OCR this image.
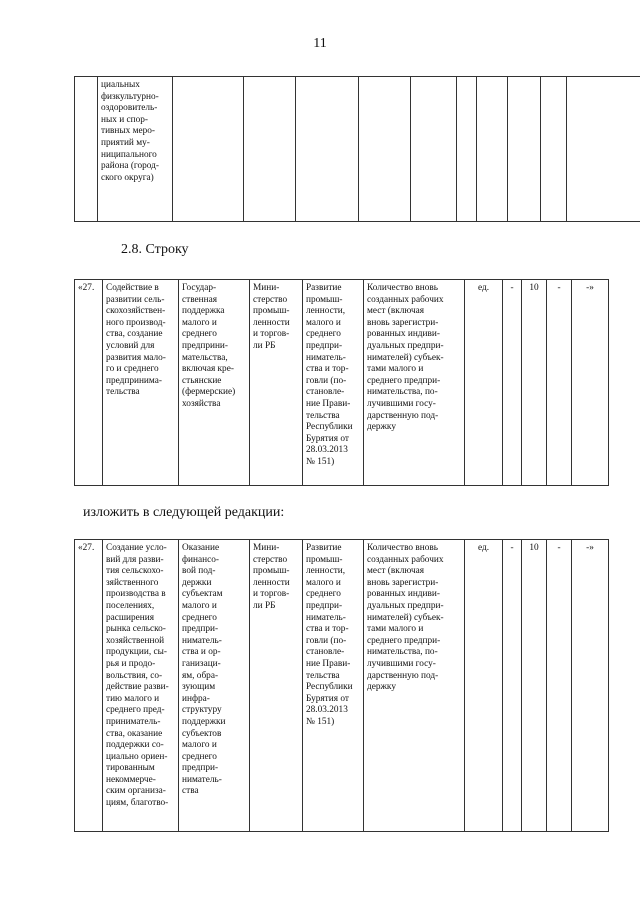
11
	циальных
физкультурно-
оздоровитель-
ных и спор-
тивных меро-
приятий му-
ниципального
района (город-
ского округа)										
2.8. Строку
«27.	Содействие в
развитии сель-
скохозяйствен-
ного производ-
ства, создание
условий для
развития мало-
го и среднего
предпринима-
тельства	Государ-
ственная
поддержка
малого и
среднего
предприни-
мательства,
включая кре-
стьянские
(фермерские)
хозяйства	Мини-
стерство
промыш-
ленности
и торгов-
ли РБ	Развитие
промыш-
ленности,
малого и
среднего
предпри-
ниматель-
ства и тор-
говли (по-
становле-
ние Прави-
тельства
Республики
Бурятия от
28.03.2013
№ 151)	Количество вновь
созданных рабочих
мест (включая
вновь зарегистри-
рованных индиви-
дуальных предпри-
нимателей) субъек-
тами малого и
среднего предпри-
нимательства, по-
лучившими госу-
дарственную под-
держку	ед.	-	10	-	-»
изложить в следующей редакции:
«27.	Создание усло-
вий для разви-
тия сельскохо-
зяйственного
производства в
поселениях,
расширения
рынка сельско-
хозяйственной
продукции, сы-
рья и продо-
вольствия, со-
действие разви-
тию малого и
среднего пред-
приниматель-
ства, оказание
поддержки со-
циально ориен-
тированным
некоммерче-
ским организа-
циям, благотво-	Оказание
финансо-
вой под-
держки
субъектам
малого и
среднего
предпри-
ниматель-
ства и ор-
ганизаци-
ям, обра-
зующим
инфра-
структуру
поддержки
субъектов
малого и
среднего
предпри-
ниматель-
ства	Мини-
стерство
промыш-
ленности
и торгов-
ли РБ	Развитие
промыш-
ленности,
малого и
среднего
предпри-
ниматель-
ства и тор-
говли (по-
становле-
ние Прави-
тельства
Республики
Бурятия от
28.03.2013
№ 151)	Количество вновь
созданных рабочих
мест (включая
вновь зарегистри-
рованных индиви-
дуальных предпри-
нимателей) субъек-
тами малого и
среднего предпри-
нимательства, по-
лучившими госу-
дарственную под-
держку	ед.	-	10	-	-»
